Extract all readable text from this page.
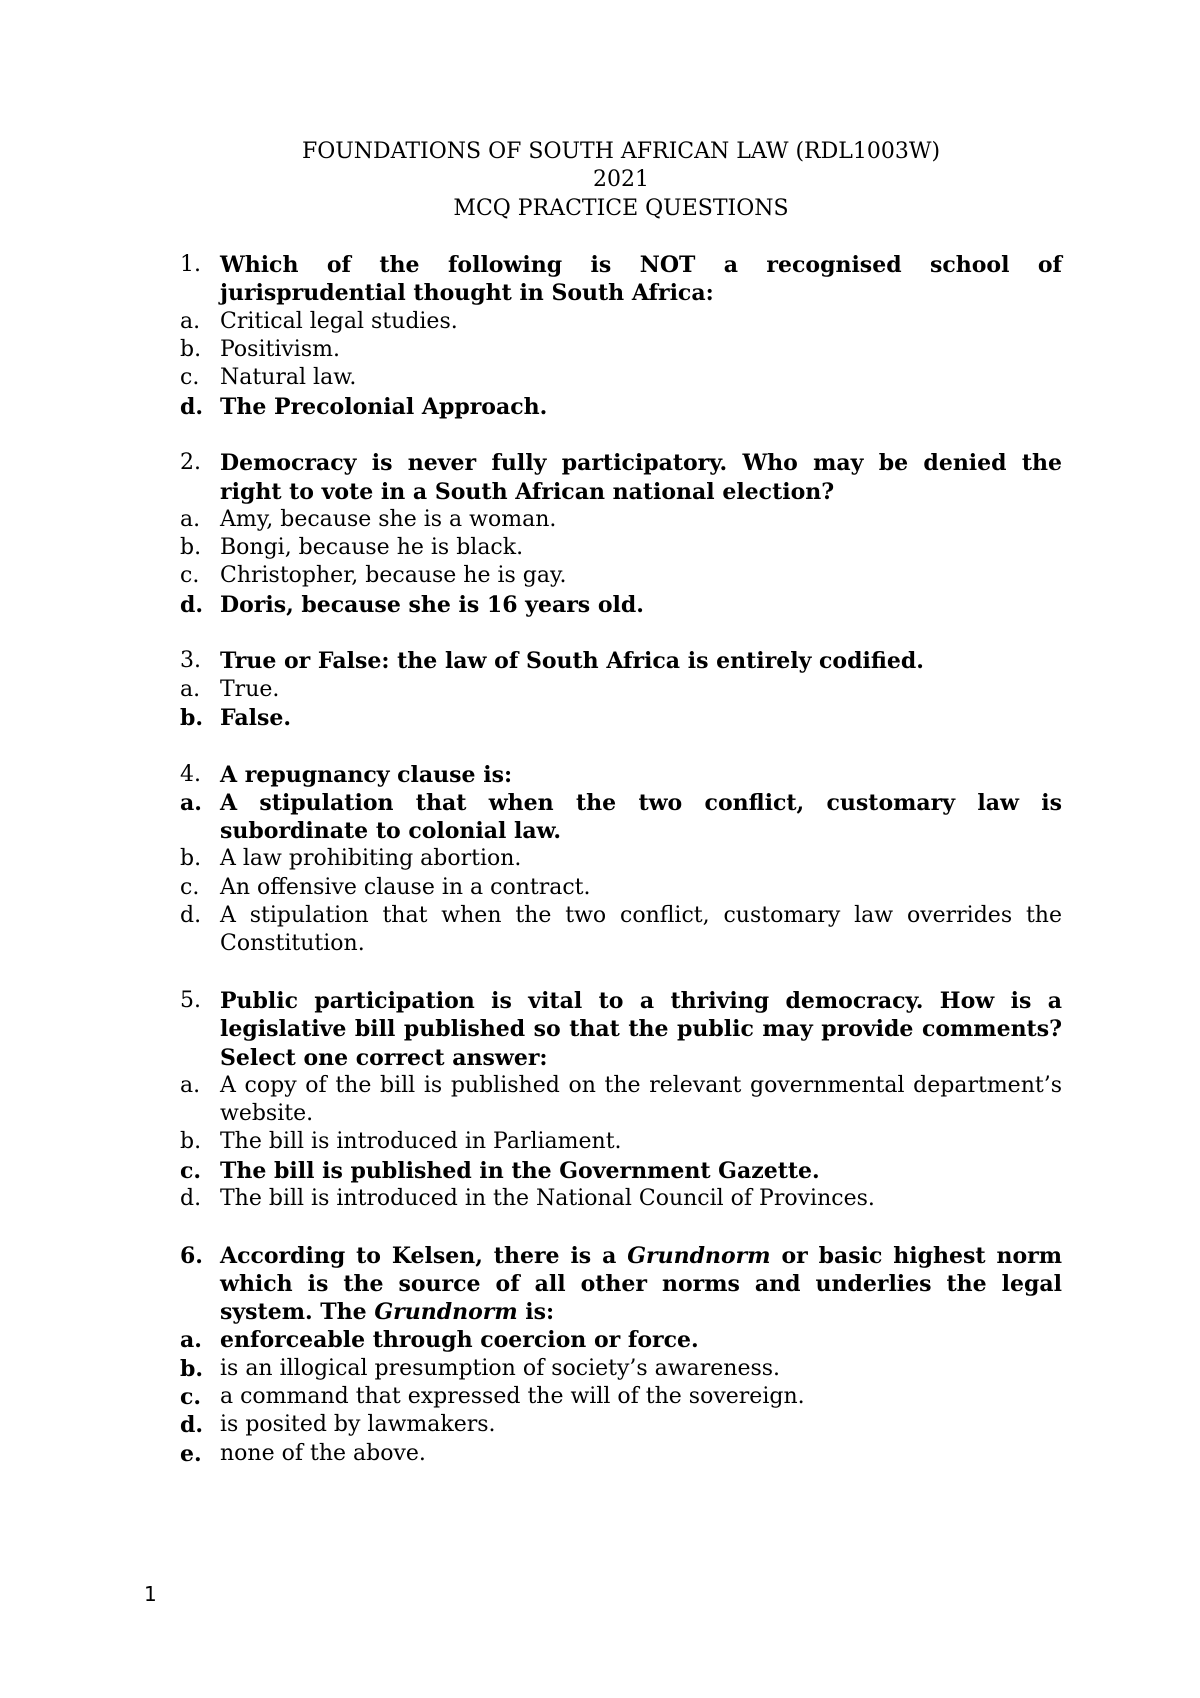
FOUNDATIONS OF SOUTH AFRICAN LAW (RDL1003W)
2021
MCQ PRACTICE QUESTIONS
1. Which of the following is NOT a recognised school of jurisprudential thought in South Africa:
a. Critical legal studies.
b. Positivism.
c. Natural law.
d. The Precolonial Approach.
2. Democracy is never fully participatory. Who may be denied the right to vote in a South African national election?
a. Amy, because she is a woman.
b. Bongi, because he is black.
c. Christopher, because he is gay.
d. Doris, because she is 16 years old.
3. True or False: the law of South Africa is entirely codified.
a. True.
b. False.
4. A repugnancy clause is:
a. A stipulation that when the two conflict, customary law is subordinate to colonial law.
b. A law prohibiting abortion.
c. An offensive clause in a contract.
d. A stipulation that when the two conflict, customary law overrides the Constitution.
5. Public participation is vital to a thriving democracy. How is a legislative bill published so that the public may provide comments? Select one correct answer:
a. A copy of the bill is published on the relevant governmental department’s website.
b. The bill is introduced in Parliament.
c. The bill is published in the Government Gazette.
d. The bill is introduced in the National Council of Provinces.
6. According to Kelsen, there is a Grundnorm or basic highest norm which is the source of all other norms and underlies the legal system. The Grundnorm is:
a. enforceable through coercion or force.
b. is an illogical presumption of society’s awareness.
c. a command that expressed the will of the sovereign.
d. is posited by lawmakers.
e. none of the above.
1
